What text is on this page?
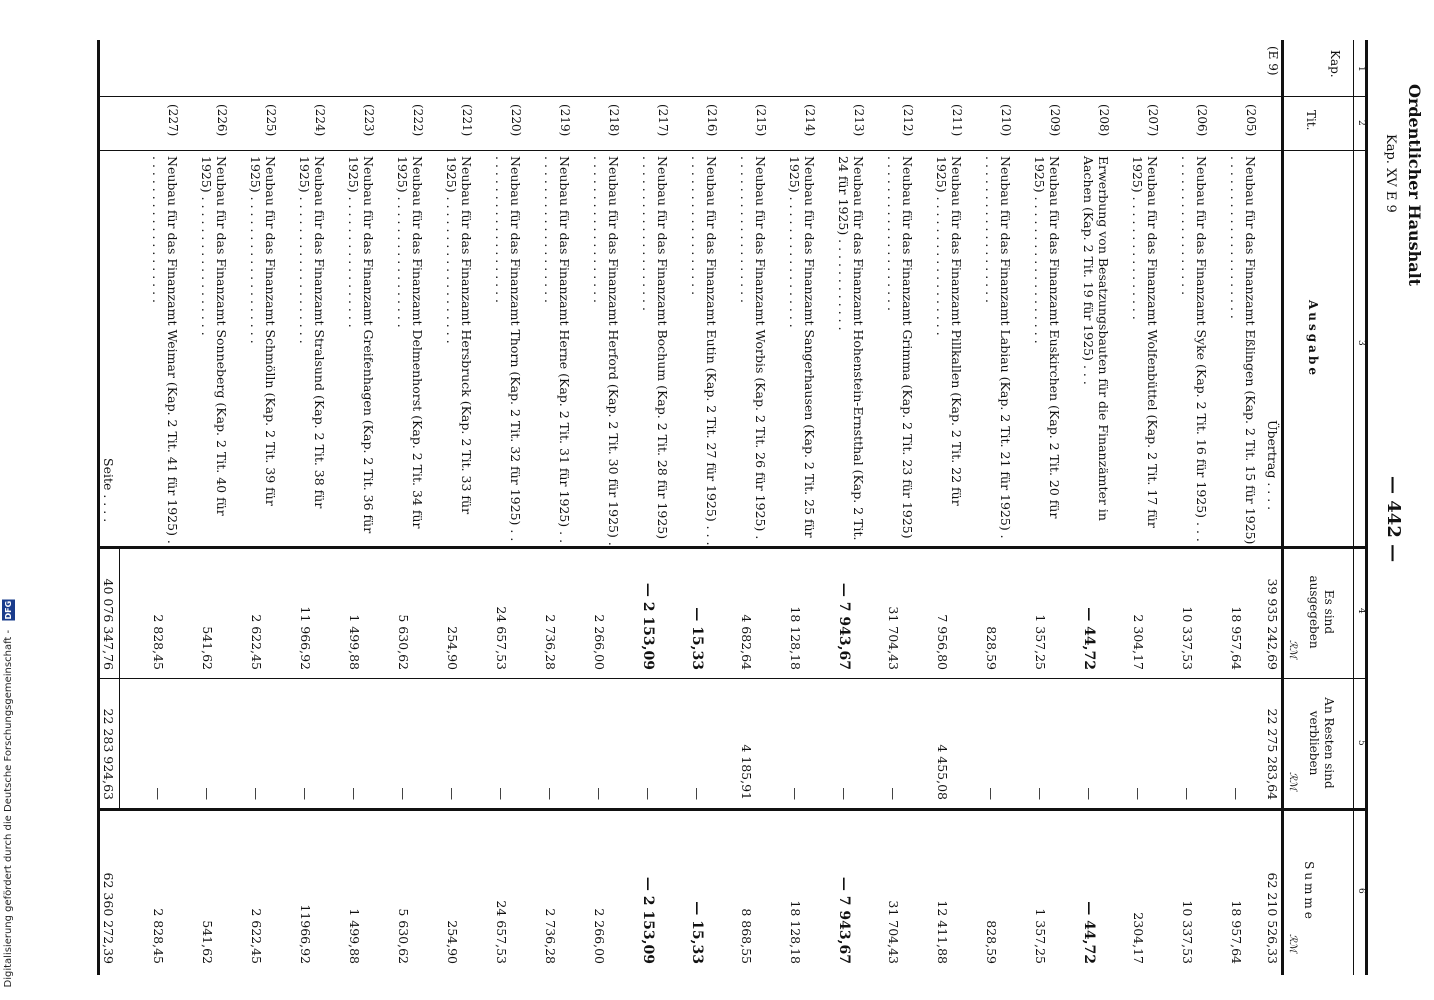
Digitalisierung gefördert durch die Deutsche Forschungsgemeinschaft - DFG
Ordentlicher Haushalt
Kap. XV E 9
— 442 —
1
2
3
4
5
6
Kap.
Tit.
Ausgabe
Es sind ausgegeben
An Resten sind verblieben
Summe
ℛℳ
ℛℳ
ℛℳ
(E 9)
Übertrag . . . .
39 935 242,69
22 275 283,64
62 210 526,33
(205)
Neubau für das Finanzamt Eßlingen (Kap. 2 Tit. 15 für 1925) . . . . . . . . . . . . . . . . . . . . .
18 957,64
—
18 957,64
(206)
Neubau für das Finanzamt Syke (Kap. 2 Tit. 16 für 1925) . . . . . . . . . . . . . . . . . . . . .
10 337,53
—
10 337,53
(207)
Neubau für das Finanzamt Wolfenbüttel (Kap. 2 Tit. 17 für 1925) . . . . . . . . . . . . . . . .
2 304,17
—
2304,17
(208)
Erwerbung von Besatzungsbauten für die Finanzämter in Aachen (Kap. 2 Tit. 19 für 1925) . . .
— 44,72
—
— 44,72
(209)
Neubau für das Finanzamt Euskirchen (Kap. 2 Tit. 20 für 1925) . . . . . . . . . . . . . . . . . . .
1 357,25
—
1 357,25
(210)
Neubau für das Finanzamt Labiau (Kap. 2 Tit. 21 für 1925) . . . . . . . . . . . . . . . . . . . .
828,59
—
828,59
(211)
Neubau für das Finanzamt Pillkallen (Kap. 2 Tit. 22 für 1925) . . . . . . . . . . . . . . . . . .
7 956,80
4 455,08
12 411,88
(212)
Neubau für das Finanzamt Grimma (Kap. 2 Tit. 23 für 1925) . . . . . . . . . . . . . . . . . . . .
31 704,43
—
31 704,43
(213)
Neubau für das Finanzamt Hohenstein-Ernstthal (Kap. 2 Tit. 24 für 1925) . . . . . . . . . . . .
— 7 943,67
—
— 7 943,67
(214)
Neubau für das Finanzamt Sangerhausen (Kap. 2 Tit. 25 für 1925) . . . . . . . . . . . . . . . . .
18 128,18
—
18 128,18
(215)
Neubau für das Finanzamt Worbis (Kap. 2 Tit. 26 für 1925) . . . . . . . . . . . . . . . . . . . .
4 682,64
4 185,91
8 868,55
(216)
Neubau für das Finanzamt Eutin (Kap. 2 Tit. 27 für 1925) . . . . . . . . . . . . . . . . . . . . .
— 15,33
—
— 15,33
(217)
Neubau für das Finanzamt Bochum (Kap. 2 Tit. 28 für 1925) . . . . . . . . . . . . . . . . . . . .
— 2 153,09
—
— 2 153,09
(218)
Neubau für das Finanzamt Herford (Kap. 2 Tit. 30 für 1925) . . . . . . . . . . . . . . . . . . . .
2 266,00
—
2 266,00
(219)
Neubau für das Finanzamt Herne (Kap. 2 Tit. 31 für 1925) . . . . . . . . . . . . . . . . . . . . .
2 736,28
—
2 736,28
(220)
Neubau für das Finanzamt Thorn (Kap. 2 Tit. 32 für 1925) . . . . . . . . . . . . . . . . . . . . .
24 657,53
—
24 657,53
(221)
Neubau für das Finanzamt Hersbruck (Kap. 2 Tit. 33 für 1925) . . . . . . . . . . . . . . . . . . .
254,90
—
254,90
(222)
Neubau für das Finanzamt Delmenhorst (Kap. 2 Tit. 34 für 1925) . . . . . . . . . . . . . . . . .
5 630,62
—
5 630,62
(223)
Neubau für das Finanzamt Greifenhagen (Kap. 2 Tit. 36 für 1925) . . . . . . . . . . . . . . . . .
1 499,88
—
1 499,88
(224)
Neubau für das Finanzamt Stralsund (Kap. 2 Tit. 38 für 1925) . . . . . . . . . . . . . . . . . . .
11 966,92
—
11966,92
(225)
Neubau für das Finanzamt Schmölln (Kap. 2 Tit. 39 für 1925) . . . . . . . . . . . . . . . . . . .
2 622,45
—
2 622,45
(226)
Neubau für das Finanzamt Sonneberg (Kap. 2 Tit. 40 für 1925) . . . . . . . . . . . . . . . . . .
541,62
—
541,62
(227)
Neubau für das Finanzamt Weimar (Kap. 2 Tit. 41 für 1925) . . . . . . . . . . . . . . . . . . . .
2 828,45
—
2 828,45
Seite . . . .
40 076 347,76
22 283 924,63
62 360 272,39
